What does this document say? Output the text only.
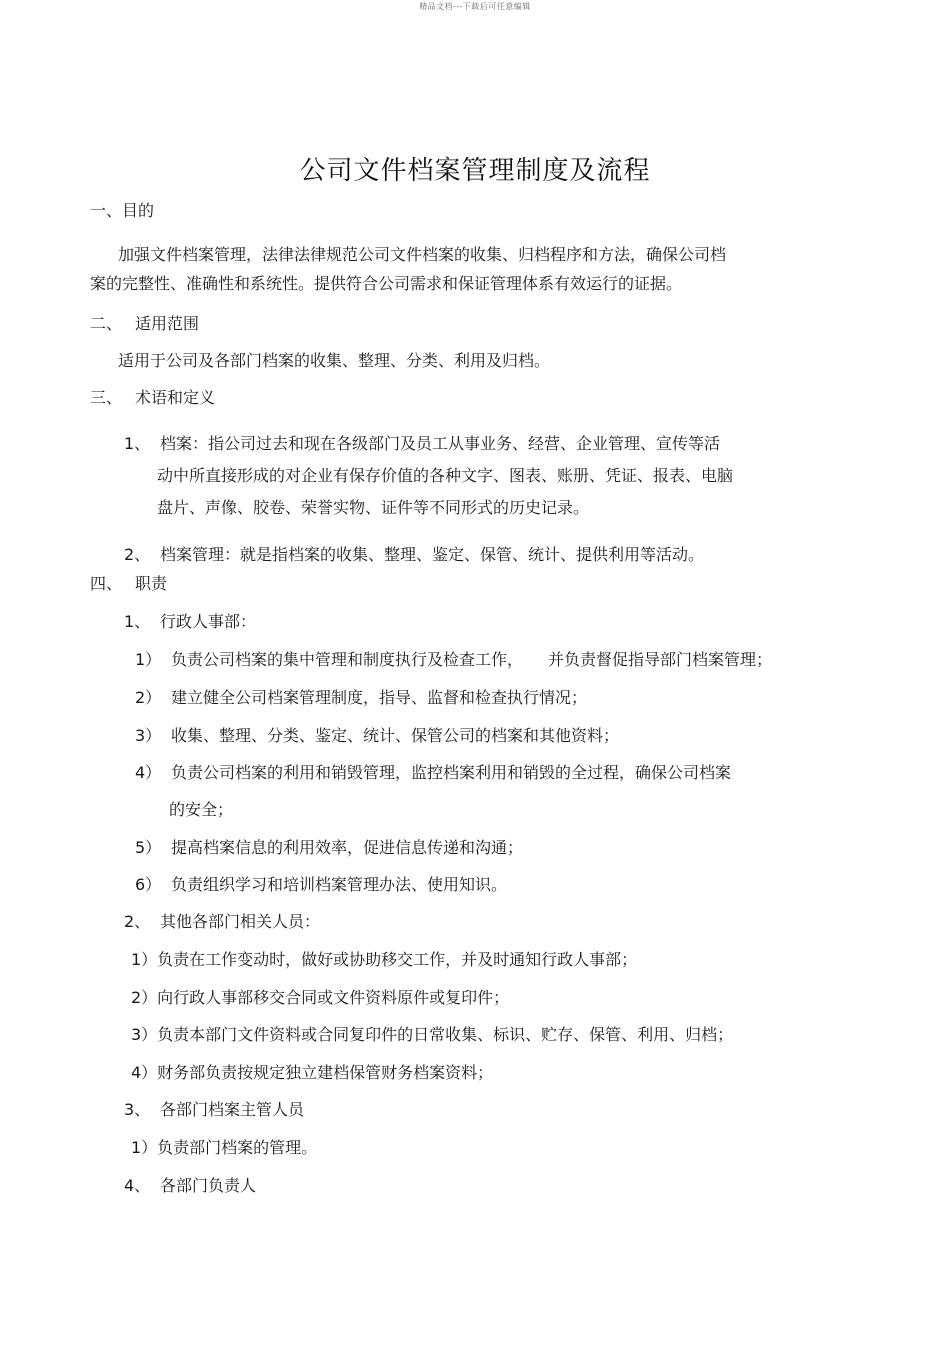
精品文档---下载后可任意编辑
公司文件档案管理制度及流程
一、目的
加强文件档案管理，法律法律规范公司文件档案的收集、归档程序和方法，确保公司档
案的完整性、准确性和系统性。提供符合公司需求和保证管理体系有效运行的证据。
二、 适用范围
适用于公司及各部门档案的收集、整理、分类、利用及归档。
三、 术语和定义
1、 档案：指公司过去和现在各级部门及员工从事业务、经营、企业管理、宣传等活
动中所直接形成的对企业有保存价值的各种文字、图表、账册、凭证、报表、电脑
盘片、声像、胶卷、荣誉实物、证件等不同形式的历史记录。
2、 档案管理：就是指档案的收集、整理、鉴定、保管、统计、提供利用等活动。
四、 职责
1、 行政人事部：
1） 负责公司档案的集中管理和制度执行及检查工作， 并负责督促指导部门档案管理；
2） 建立健全公司档案管理制度，指导、监督和检查执行情况；
3） 收集、整理、分类、鉴定、统计、保管公司的档案和其他资料；
4） 负责公司档案的利用和销毁管理，监控档案利用和销毁的全过程，确保公司档案
的安全；
5） 提高档案信息的利用效率，促进信息传递和沟通；
6） 负责组织学习和培训档案管理办法、使用知识。
2、 其他各部门相关人员：
1）负责在工作变动时，做好或协助移交工作，并及时通知行政人事部；
2）向行政人事部移交合同或文件资料原件或复印件；
3）负责本部门文件资料或合同复印件的日常收集、标识、贮存、保管、利用、归档；
4）财务部负责按规定独立建档保管财务档案资料；
3、 各部门档案主管人员
1）负责部门档案的管理。
4、 各部门负责人
